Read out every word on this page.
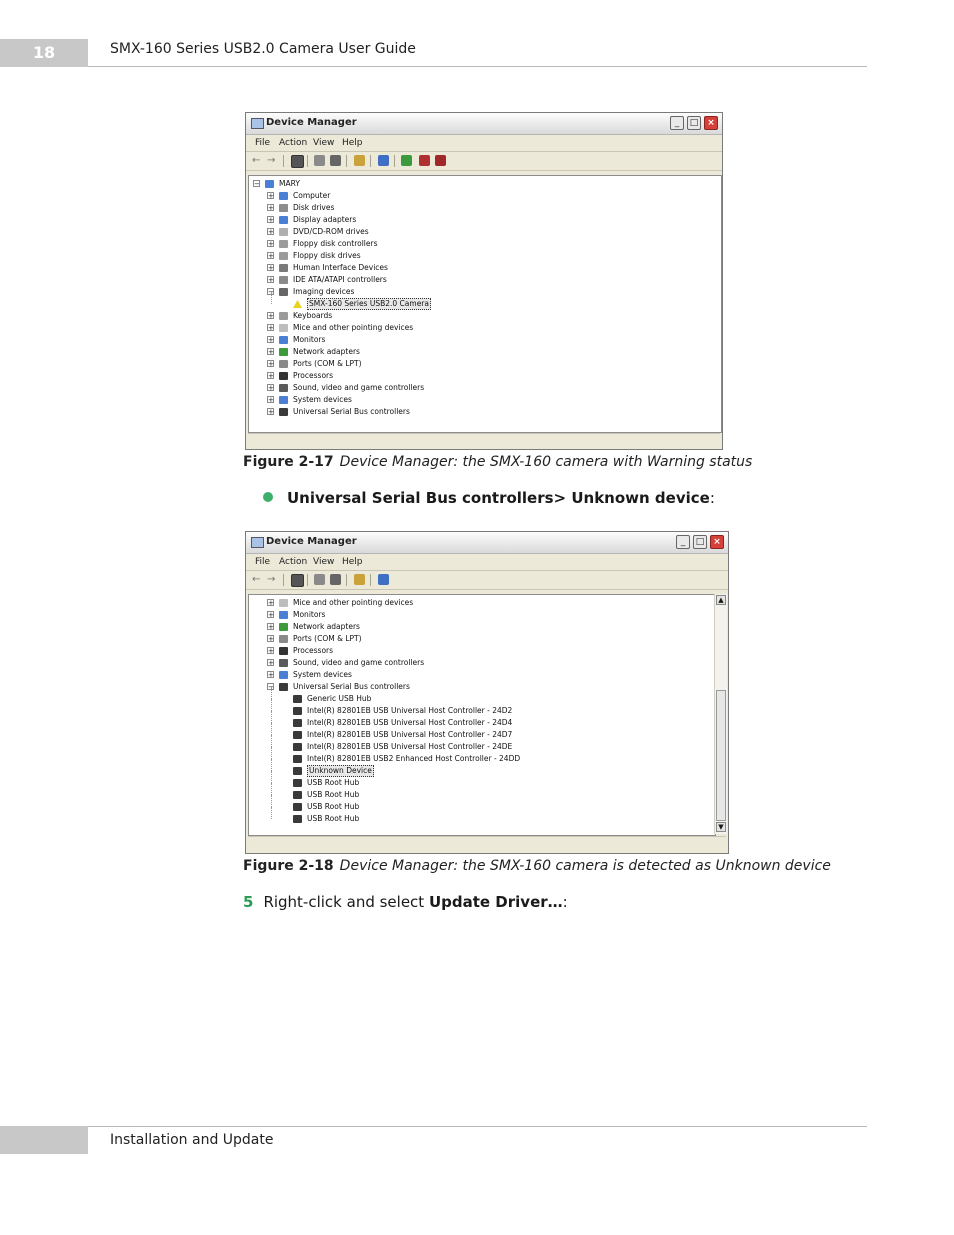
18	SMX-160 Series USB2.0 Camera User Guide
Device Manager	_	□ ×
File Action View Help
← →
−	MARY
+	Computer
+	Disk drives
+	Display adapters
+	DVD/CD-ROM drives
+	Floppy disk controllers
+	Floppy disk drives
+	Human Interface Devices
+	IDE ATA/ATAPI controllers
−	Imaging devices
SMX-160 Series USB2.0 Camera
+	Keyboards
+	Mice and other pointing devices
+	Monitors
+	Network adapters
+	Ports (COM & LPT)
+	Processors
+	Sound, video and game controllers
+	System devices
+	Universal Serial Bus controllers
Figure 2-17 Device Manager: the SMX-160 camera with Warning status
Universal Serial Bus controllers> Unknown device:
Device Manager	_	□ ×
File Action View Help
← →
+	Mice and other pointing devices
+	Monitors
+	Network adapters
+	Ports (COM & LPT)
+	Processors
+	Sound, video and game controllers
+	System devices
−	Universal Serial Bus controllers
Generic USB Hub
Intel(R) 82801EB USB Universal Host Controller - 24D2
Intel(R) 82801EB USB Universal Host Controller - 24D4
Intel(R) 82801EB USB Universal Host Controller - 24D7
Intel(R) 82801EB USB Universal Host Controller - 24DE
Intel(R) 82801EB USB2 Enhanced Host Controller - 24DD
Unknown Device
USB Root Hub
USB Root Hub
USB Root Hub
USB Root Hub
▲
▼
Figure 2-18 Device Manager: the SMX-160 camera is detected as Unknown device
5 Right-click and select Update Driver…:
Installation and Update
